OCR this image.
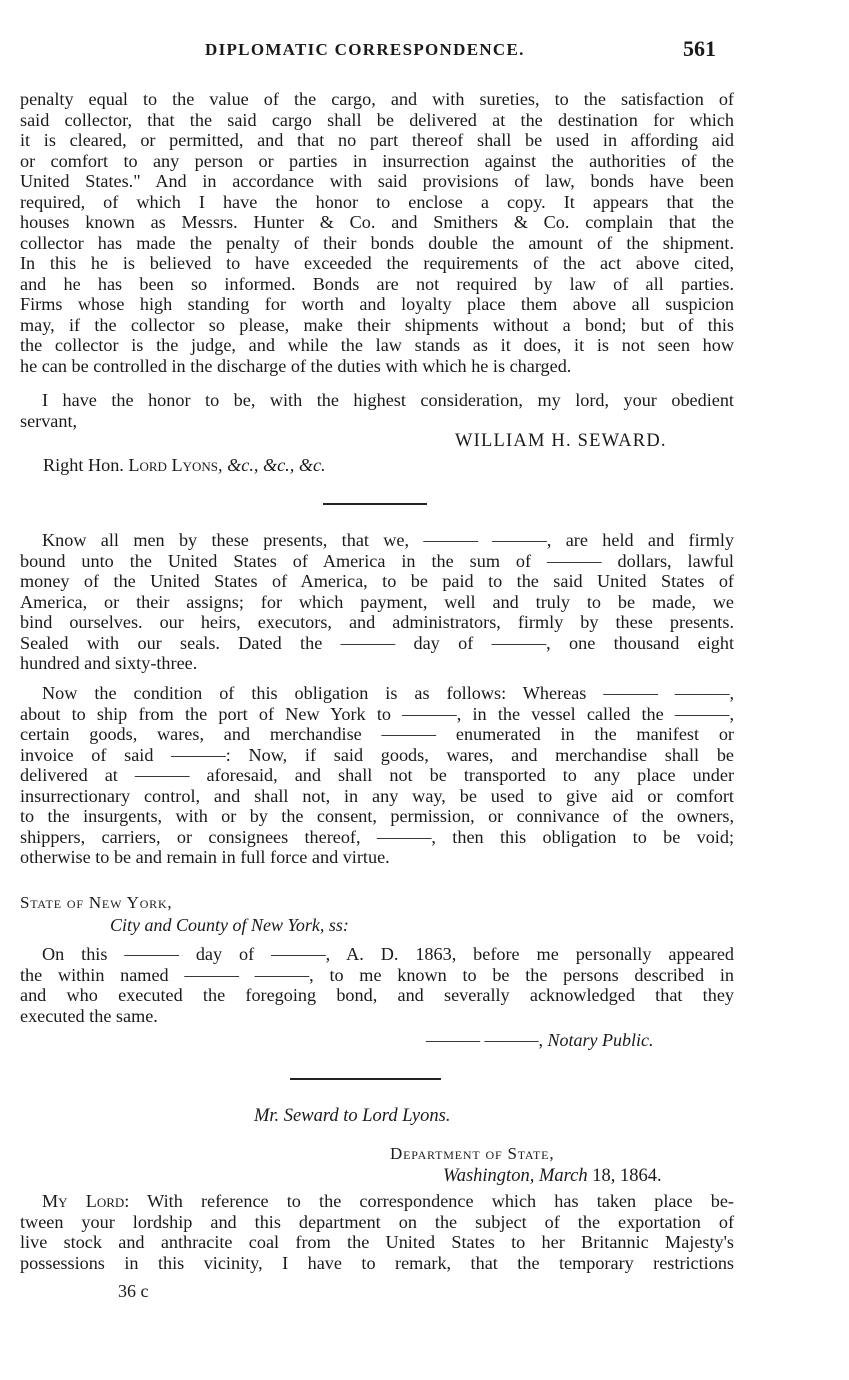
DIPLOMATIC CORRESPONDENCE.	561
penalty equal to the value of the cargo, and with sureties, to the satisfaction of
said collector, that the said cargo shall be delivered at the destination for which
it is cleared, or permitted, and that no part thereof shall be used in affording aid
or comfort to any person or parties in insurrection against the authorities of the
United States." And in accordance with said provisions of law, bonds have been
required, of which I have the honor to enclose a copy. It appears that the
houses known as Messrs. Hunter & Co. and Smithers & Co. complain that the
collector has made the penalty of their bonds double the amount of the shipment.
In this he is believed to have exceeded the requirements of the act above cited,
and he has been so informed. Bonds are not required by law of all parties.
Firms whose high standing for worth and loyalty place them above all suspicion
may, if the collector so please, make their shipments without a bond; but of this
the collector is the judge, and while the law stands as it does, it is not seen how
he can be controlled in the discharge of the duties with which he is charged.
I have the honor to be, with the highest consideration, my lord, your obedient
servant,
WILLIAM H. SEWARD.
Right Hon. Lord Lyons, &c., &c., &c.
Know all men by these presents, that we, ——— ———, are held and firmly
bound unto the United States of America in the sum of ——— dollars, lawful
money of the United States of America, to be paid to the said United States of
America, or their assigns; for which payment, well and truly to be made, we
bind ourselves. our heirs, executors, and administrators, firmly by these presents.
Sealed with our seals. Dated the ——— day of ———, one thousand eight
hundred and sixty-three.
Now the condition of this obligation is as follows: Whereas ——— ———,
about to ship from the port of New York to ———, in the vessel called the ———,
certain goods, wares, and merchandise ——— enumerated in the manifest or
invoice of said ———: Now, if said goods, wares, and merchandise shall be
delivered at ——— aforesaid, and shall not be transported to any place under
insurrectionary control, and shall not, in any way, be used to give aid or comfort
to the insurgents, with or by the consent, permission, or connivance of the owners,
shippers, carriers, or consignees thereof, ———, then this obligation to be void;
otherwise to be and remain in full force and virtue.
State of New York,
City and County of New York, ss:
On this ——— day of ———, A. D. 1863, before me personally appeared
the within named ——— ———, to me known to be the persons described in
and who executed the foregoing bond, and severally acknowledged that they
executed the same.
——— ———, Notary Public.
Mr. Seward to Lord Lyons.
Department of State,
Washington, March 18, 1864.
My Lord: With reference to the correspondence which has taken place be-
tween your lordship and this department on the subject of the exportation of
live stock and anthracite coal from the United States to her Britannic Majesty's
possessions in this vicinity, I have to remark, that the temporary restrictions
36 c
